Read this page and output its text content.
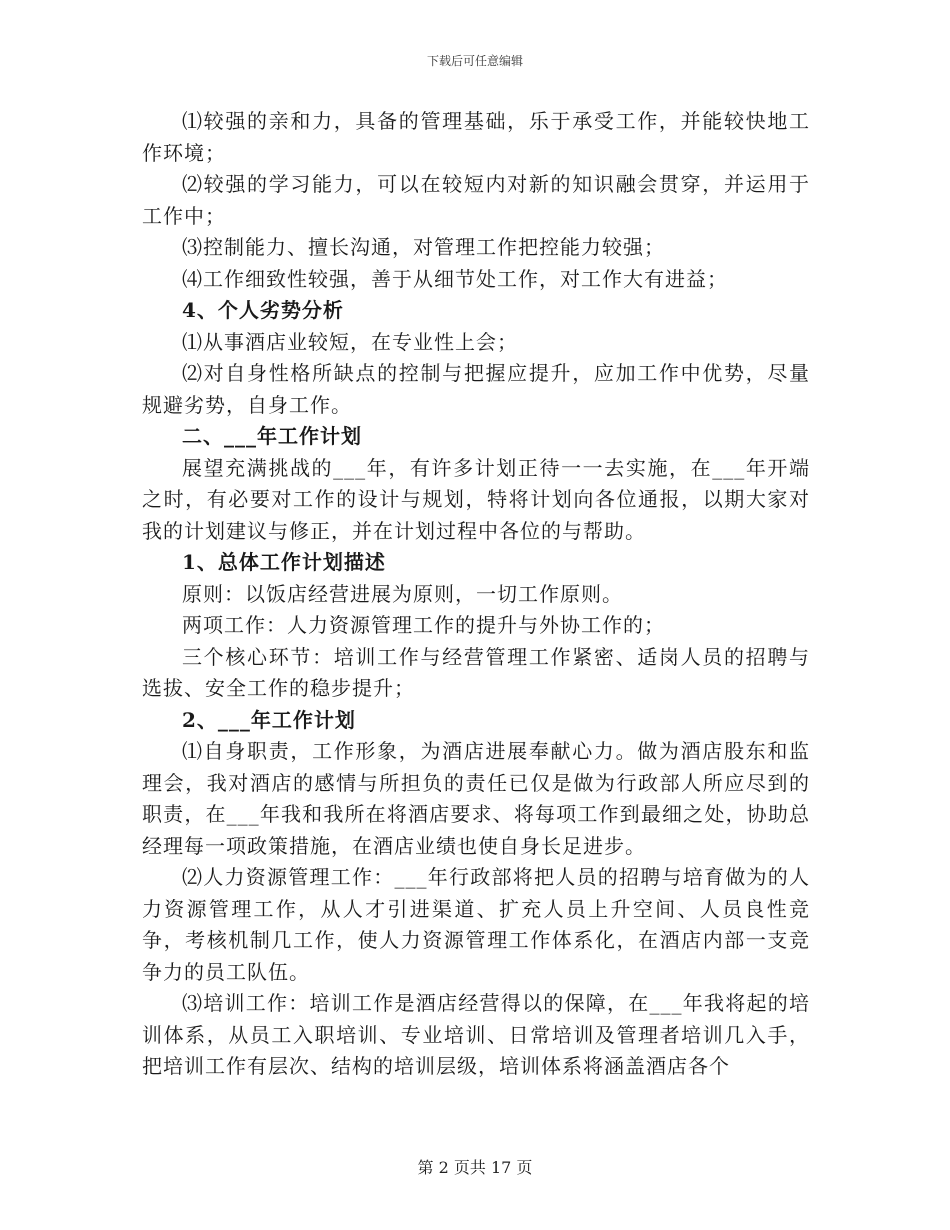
下载后可任意编辑

⑴较强的亲和力，具备的管理基础，乐于承受工作，并能较快地工作环境；

⑵较强的学习能力，可以在较短内对新的知识融会贯穿，并运用于工作中；

⑶控制能力、擅长沟通，对管理工作把控能力较强；

⑷工作细致性较强，善于从细节处工作，对工作大有进益；

4、个人劣势分析

⑴从事酒店业较短，在专业性上会；

⑵对自身性格所缺点的控制与把握应提升，应加工作中优势，尽量规避劣势，自身工作。

二、___年工作计划

展望充满挑战的___年，有许多计划正待一一去实施，在___年开端之时，有必要对工作的设计与规划，特将计划向各位通报，以期大家对我的计划建议与修正，并在计划过程中各位的与帮助。

1、总体工作计划描述

原则：以饭店经营进展为原则，一切工作原则。

两项工作：人力资源管理工作的提升与外协工作的；

三个核心环节：培训工作与经营管理工作紧密、适岗人员的招聘与选拔、安全工作的稳步提升；

2、___年工作计划

⑴自身职责，工作形象，为酒店进展奉献心力。做为酒店股东和监理会，我对酒店的感情与所担负的责任已仅是做为行政部人所应尽到的职责，在___年我和我所在将酒店要求、将每项工作到最细之处，协助总经理每一项政策措施，在酒店业绩也使自身长足进步。

⑵人力资源管理工作：___年行政部将把人员的招聘与培育做为的人力资源管理工作，从人才引进渠道、扩充人员上升空间、人员良性竞争，考核机制几工作，使人力资源管理工作体系化，在酒店内部一支竞争力的员工队伍。

⑶培训工作：培训工作是酒店经营得以的保障，在___年我将起的培训体系，从员工入职培训、专业培训、日常培训及管理者培训几入手，把培训工作有层次、结构的培训层级，培训体系将涵盖酒店各个

第 2 页共 17 页
